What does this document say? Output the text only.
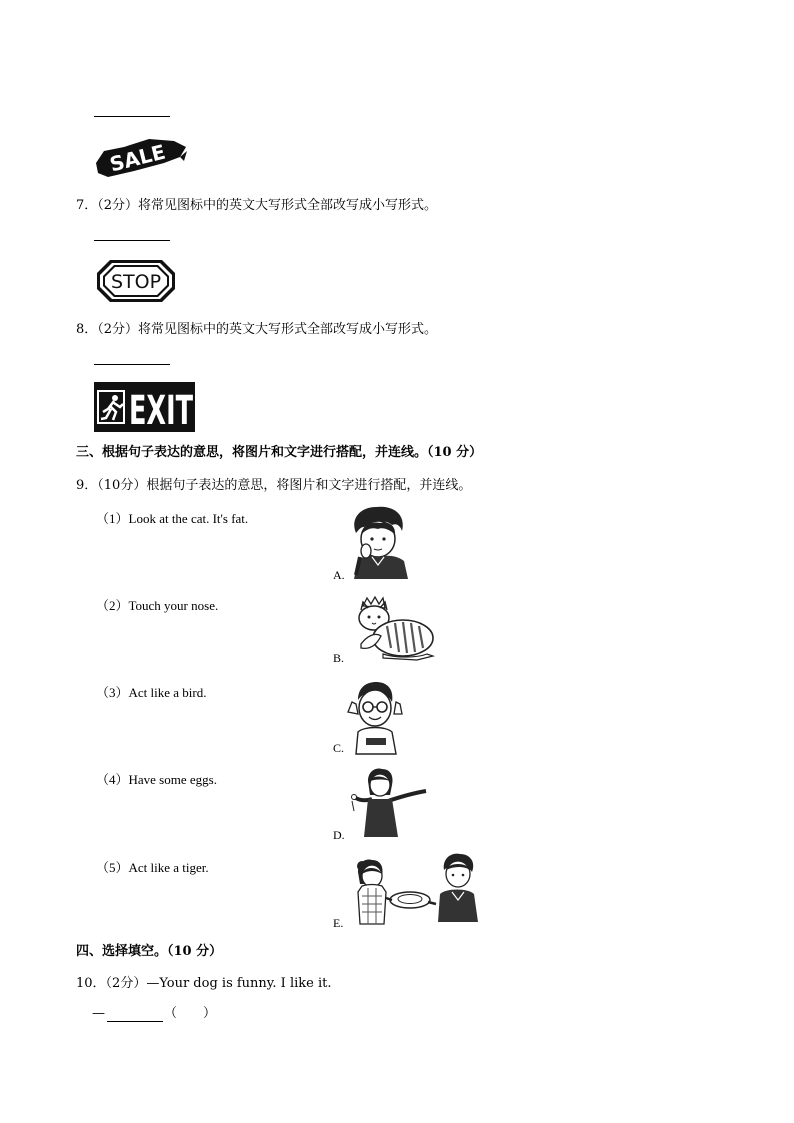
SALE
7．（2分）将常见图标中的英文大写形式全部改写成小写形式。
STOP
8．（2分）将常见图标中的英文大写形式全部改写成小写形式。
EXIT
三、根据句子表达的意思，将图片和文字进行搭配，并连线。（10 分）
9．（10分）根据句子表达的意思，将图片和文字进行搭配，并连线。
（1）Look at the cat. It's fat.
（2）Touch your nose.
（3）Act like a bird.
（4）Have some eggs.
（5）Act like a tiger.
A.
B.
C.
D.
E.
四、选择填空。（10 分）
10．（2分）—Your dog is funny. I like it.
—	（　　）
